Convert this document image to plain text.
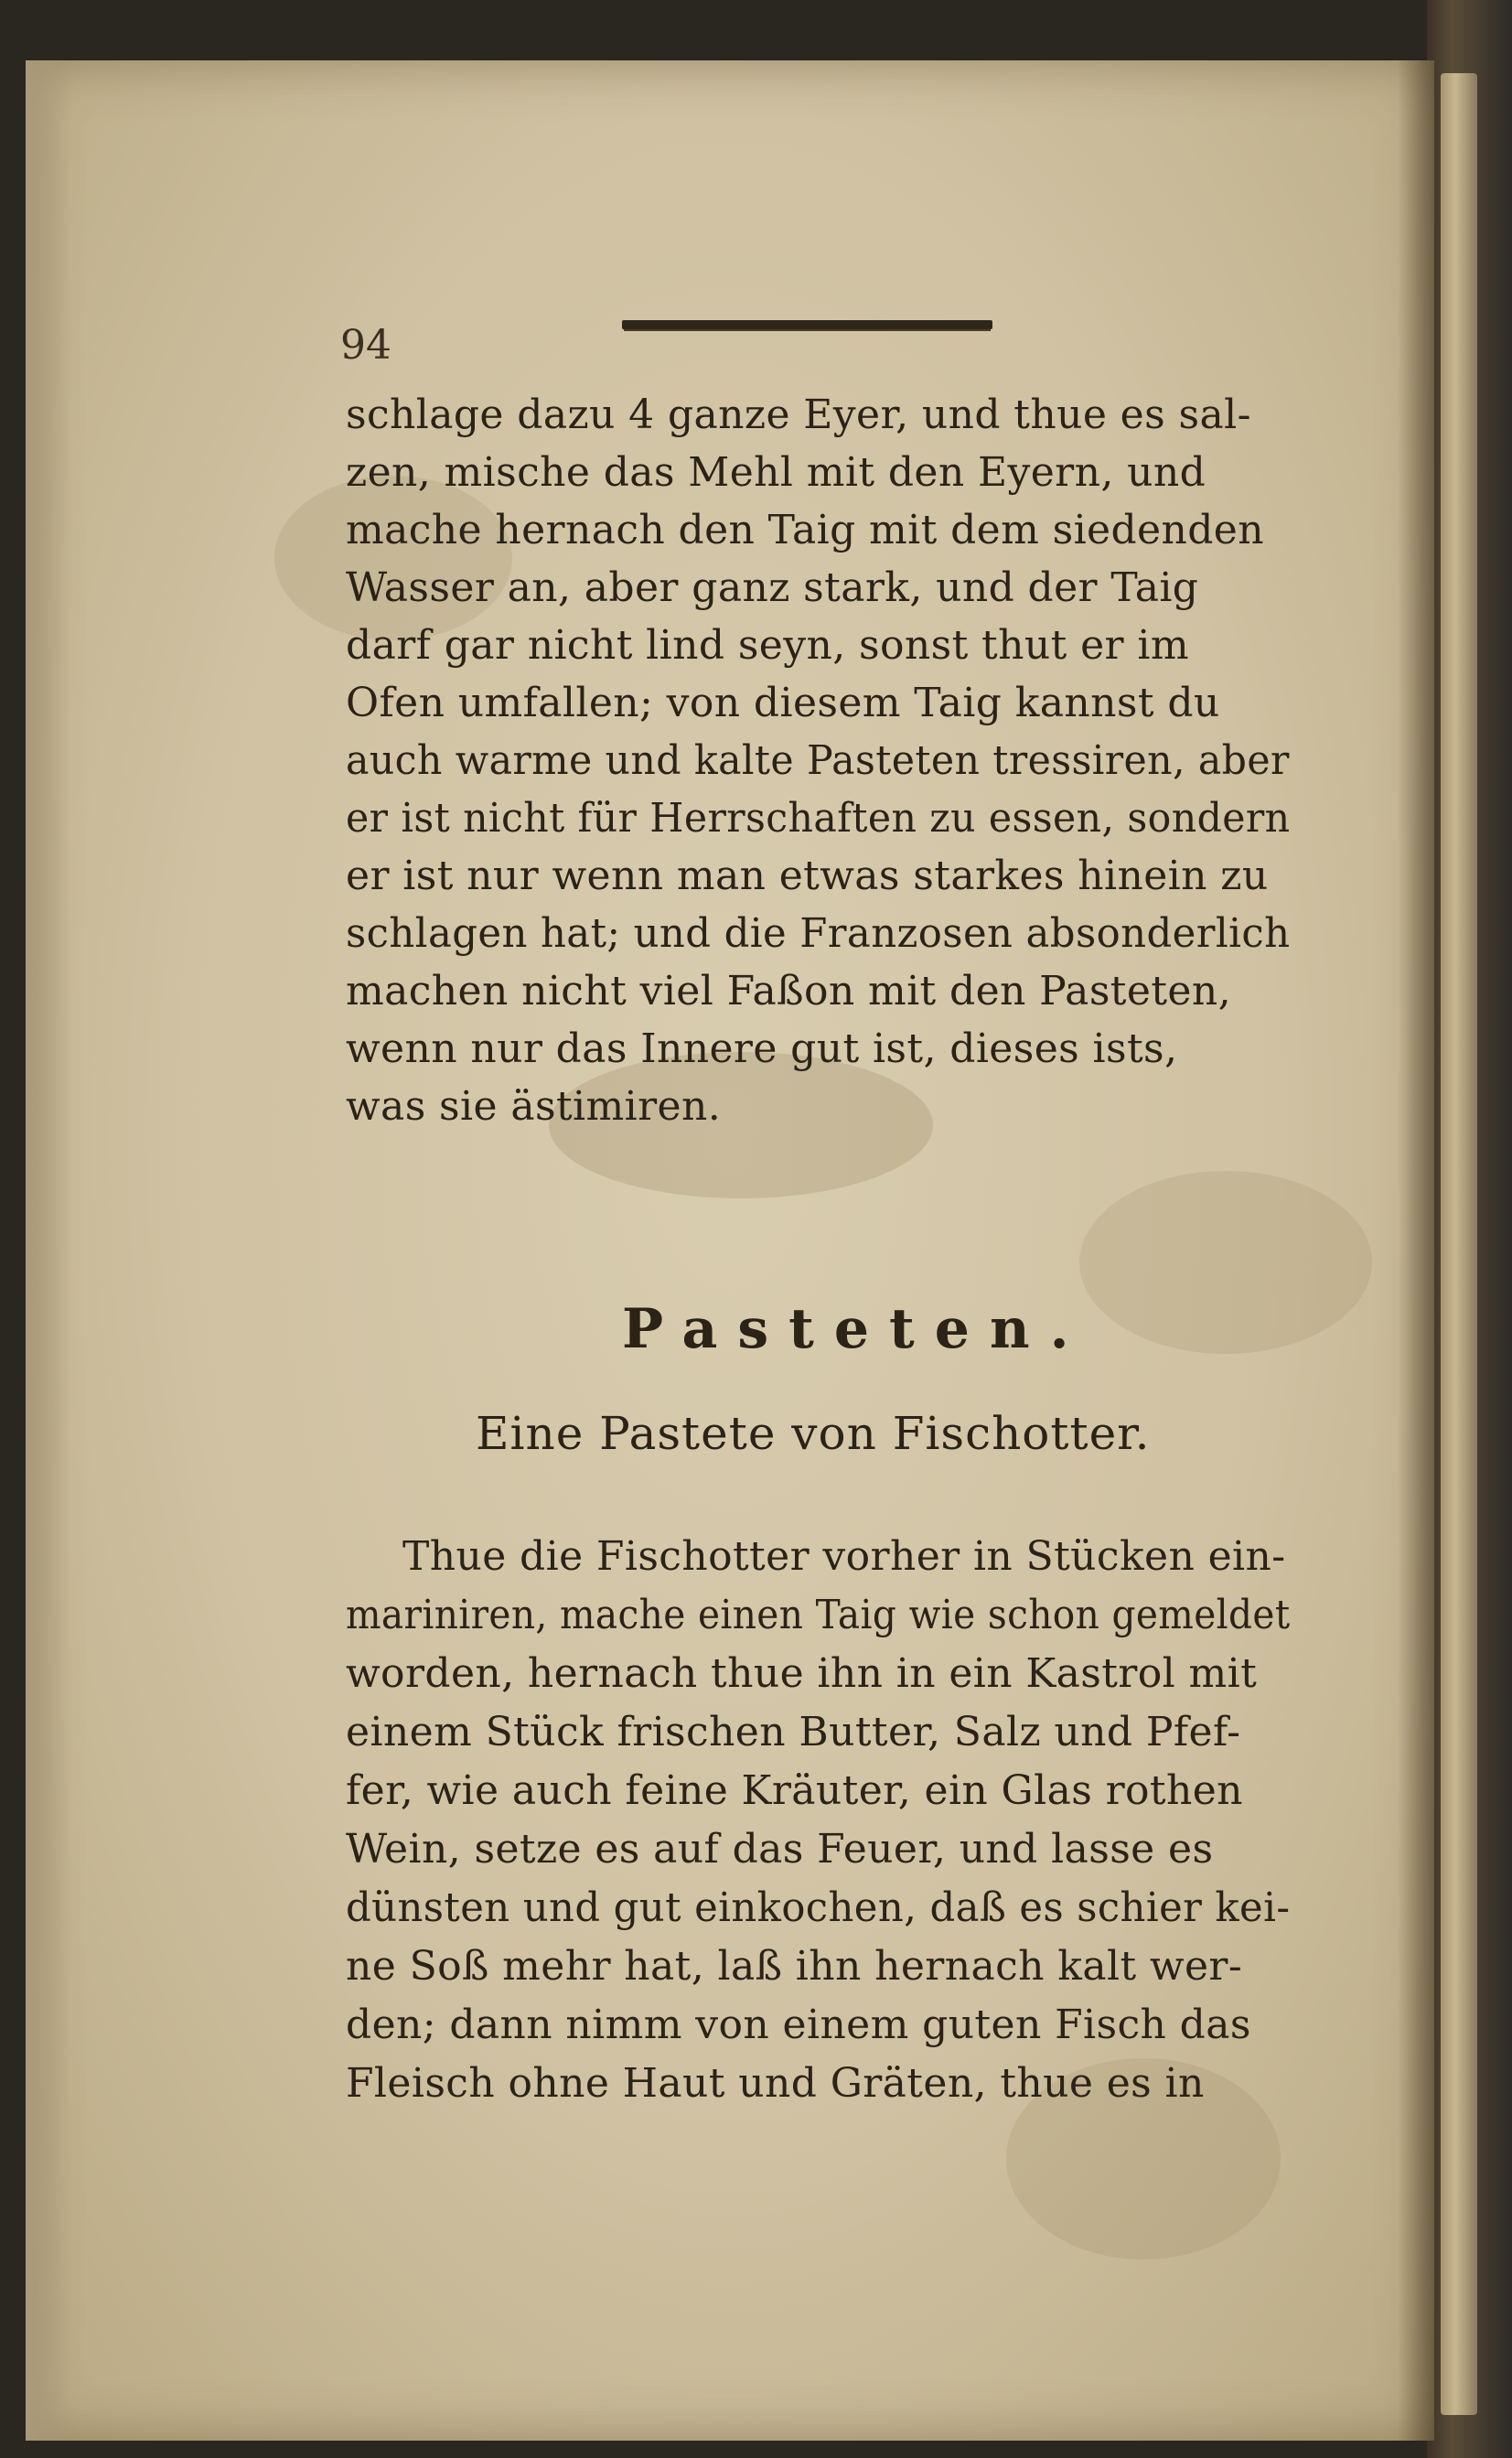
94
schlage dazu 4 ganze Eyer, und thue es sal-
zen, mische das Mehl mit den Eyern, und
mache hernach den Taig mit dem siedenden
Wasser an, aber ganz stark, und der Taig
darf gar nicht lind seyn, sonst thut er im
Ofen umfallen; von diesem Taig kannst du
auch warme und kalte Pasteten tressiren, aber
er ist nicht für Herrschaften zu essen, sondern
er ist nur wenn man etwas starkes hinein zu
schlagen hat; und die Franzosen absonderlich
machen nicht viel Faßon mit den Pasteten,
wenn nur das Innere gut ist, dieses ists,
was sie ästimiren.
Pasteten.
Eine Pastete von Fischotter.
Thue die Fischotter vorher in Stücken ein-
mariniren, mache einen Taig wie schon gemeldet
worden, hernach thue ihn in ein Kastrol mit
einem Stück frischen Butter, Salz und Pfef-
fer, wie auch feine Kräuter, ein Glas rothen
Wein, setze es auf das Feuer, und lasse es
dünsten und gut einkochen, daß es schier kei-
ne Soß mehr hat, laß ihn hernach kalt wer-
den; dann nimm von einem guten Fisch das
Fleisch ohne Haut und Gräten, thue es in
